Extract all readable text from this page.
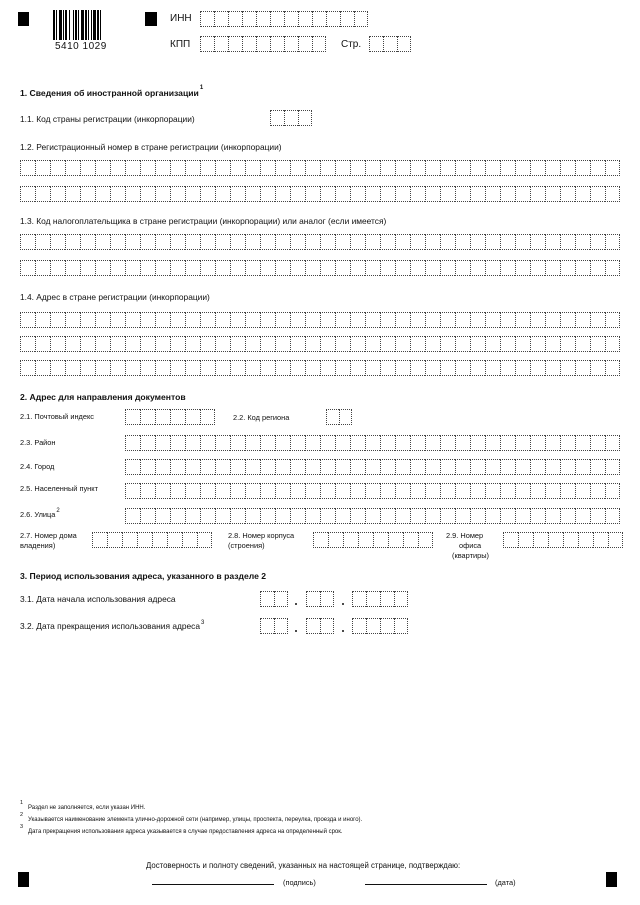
5410 1029
ИНН
КПП	Стр.
1. Сведения об иностранной организации$^1$
1.1. Код страны регистрации (инкорпорации)
1.2. Регистрационный номер в стране регистрации (инкорпорации)
1.3. Код налогоплательщика в стране регистрации (инкорпорации) или аналог (если имеется)
1.4. Адрес в стране регистрации (инкорпорации)
2. Адрес для направления документов
2.1. Почтовый индекс	2.2. Код региона
2.3. Район
2.4. Город
2.5. Населенный пункт
2.6. Улица$^2$
2.7. Номер дома
владения)
2.8. Номер корпуса
(строения)
2.9. Номер
офиса
(квартиры)
3. Период использования адреса, указанного в разделе 2
3.1. Дата начала использования адреса
3.2. Дата прекращения использования адреса$^3$
1
Раздел не заполняется, если указан ИНН.
2
Указывается наименование элемента улично-дорожной сети (например, улицы, проспекта, переулка, проезда и иного).
3
Дата прекращения использования адреса указывается в случае предоставления адреса на определенный срок.
Достоверность и полноту сведений, указанных на настоящей странице, подтверждаю:
(подпись)	(дата)
